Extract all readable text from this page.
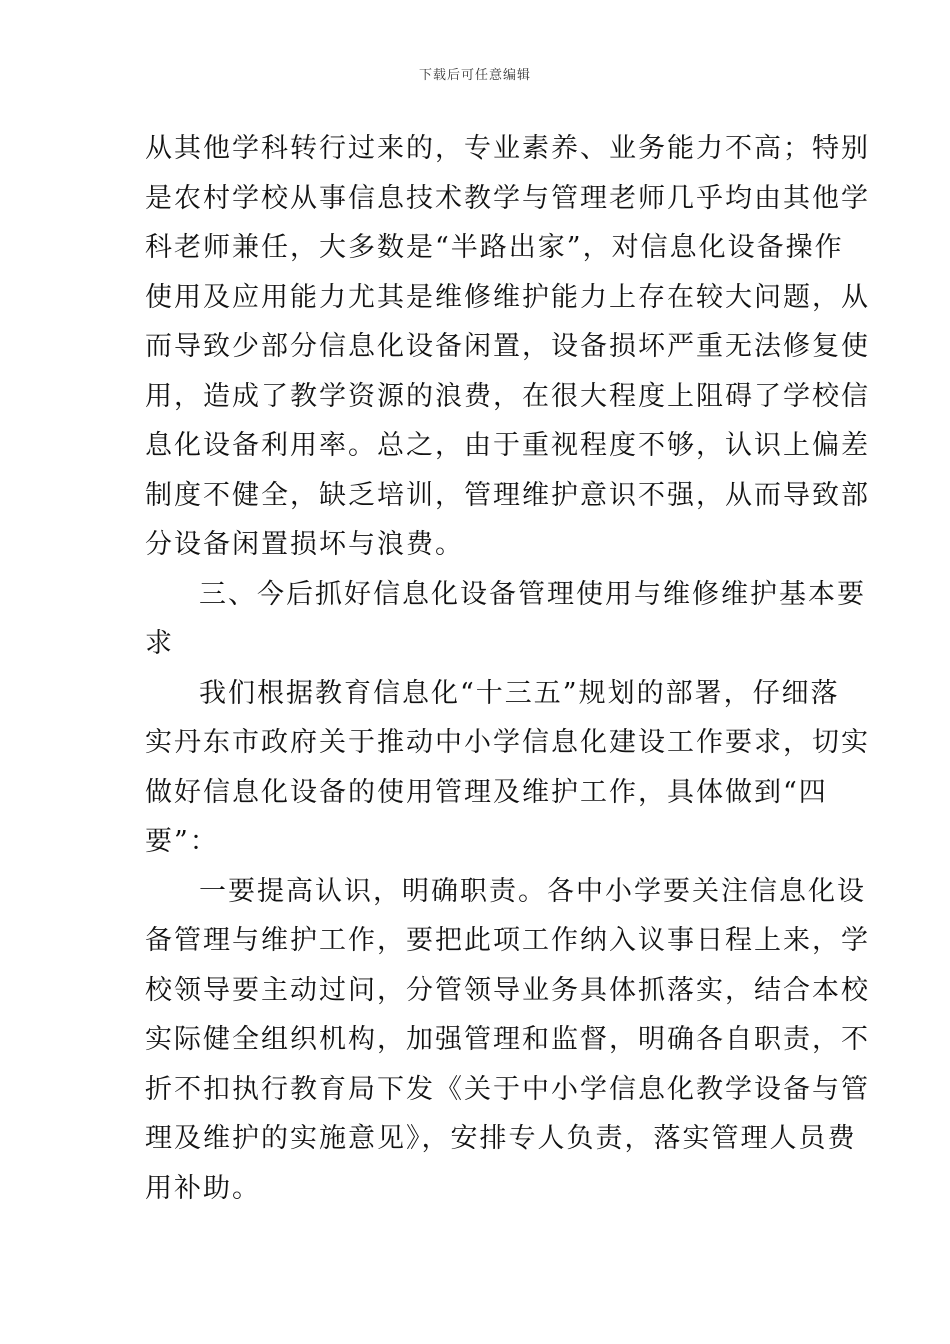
下载后可任意编辑
从其他学科转行过来的，专业素养、业务能力不高；特别
是农村学校从事信息技术教学与管理老师几乎均由其他学
科老师兼任，大多数是“半路出家”，对信息化设备操作
使用及应用能力尤其是维修维护能力上存在较大问题，从
而导致少部分信息化设备闲置，设备损坏严重无法修复使
用，造成了教学资源的浪费，在很大程度上阻碍了学校信
息化设备利用率。总之，由于重视程度不够，认识上偏差
制度不健全，缺乏培训，管理维护意识不强，从而导致部
分设备闲置损坏与浪费。
三、今后抓好信息化设备管理使用与维修维护基本要
求
我们根据教育信息化“十三五”规划的部署，仔细落
实丹东市政府关于推动中小学信息化建设工作要求，切实
做好信息化设备的使用管理及维护工作，具体做到“四
要”：
一要提高认识，明确职责。各中小学要关注信息化设
备管理与维护工作，要把此项工作纳入议事日程上来，学
校领导要主动过问，分管领导业务具体抓落实，结合本校
实际健全组织机构，加强管理和监督，明确各自职责，不
折不扣执行教育局下发《关于中小学信息化教学设备与管
理及维护的实施意见》，安排专人负责，落实管理人员费
用补助。
